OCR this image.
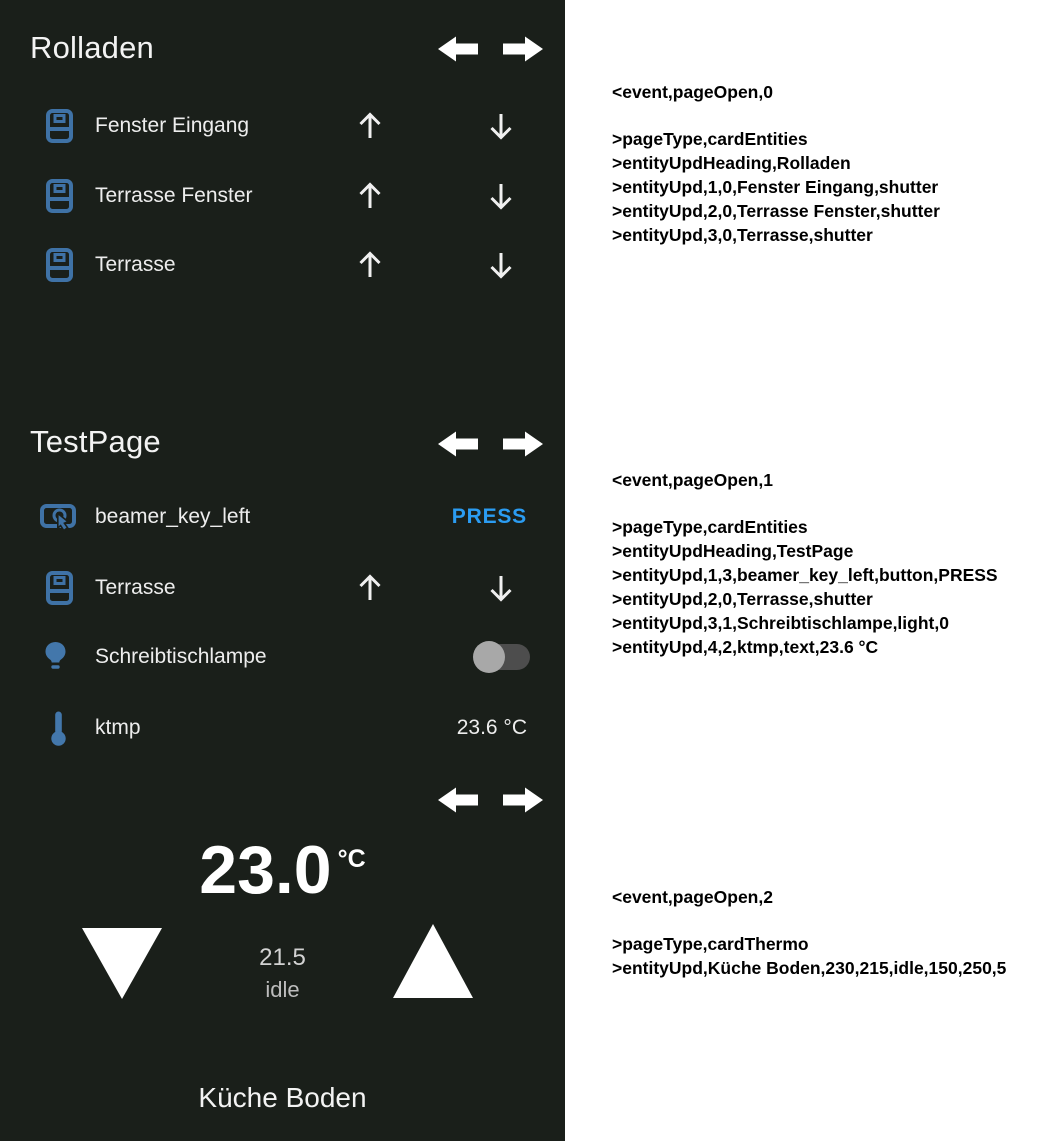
Rolladen
Fenster Eingang
Terrasse Fenster
Terrasse
TestPage
beamer_key_left	PRESS
Terrasse
Schreibtischlampe
ktmp	23.6 °C
23.0 °C
21.5
idle
Küche Boden
<event,pageOpen,0
>pageType,cardEntities
>entityUpdHeading,Rolladen
>entityUpd,1,0,Fenster Eingang,shutter
>entityUpd,2,0,Terrasse Fenster,shutter
>entityUpd,3,0,Terrasse,shutter
<event,pageOpen,1
>pageType,cardEntities
>entityUpdHeading,TestPage
>entityUpd,1,3,beamer_key_left,button,PRESS
>entityUpd,2,0,Terrasse,shutter
>entityUpd,3,1,Schreibtischlampe,light,0
>entityUpd,4,2,ktmp,text,23.6 °C
<event,pageOpen,2
>pageType,cardThermo
>entityUpd,Küche Boden,230,215,idle,150,250,5
